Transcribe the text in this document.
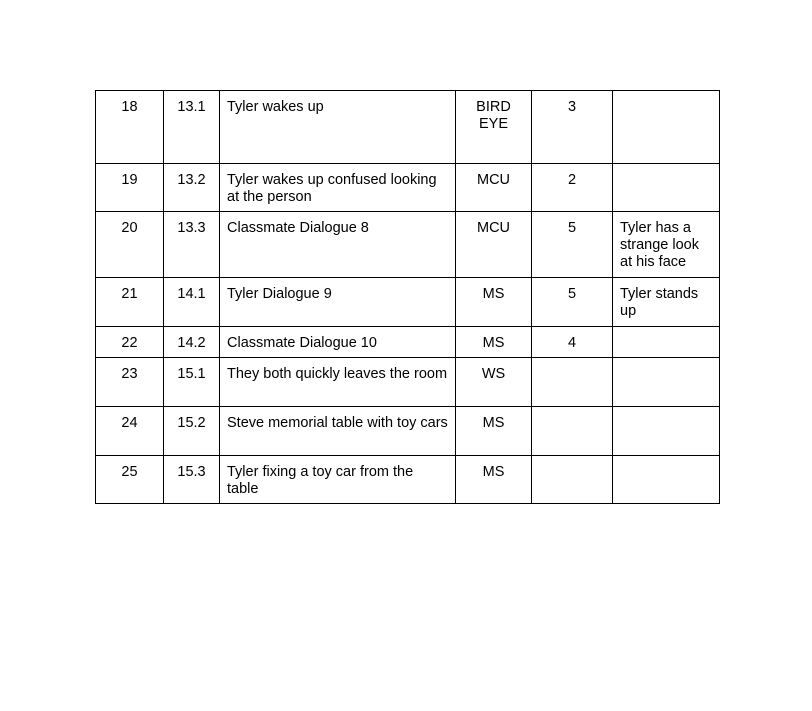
18	13.1	Tyler wakes up	BIRD EYE	3	
19	13.2	Tyler wakes up confused looking at the person	MCU	2	
20	13.3	Classmate Dialogue 8	MCU	5	Tyler has a strange look at his face
21	14.1	Tyler Dialogue 9	MS	5	Tyler stands up
22	14.2	Classmate Dialogue 10	MS	4	
23	15.1	They both quickly leaves the room	WS		
24	15.2	Steve memorial table with toy cars	MS		
25	15.3	Tyler fixing a toy car from the table	MS		
